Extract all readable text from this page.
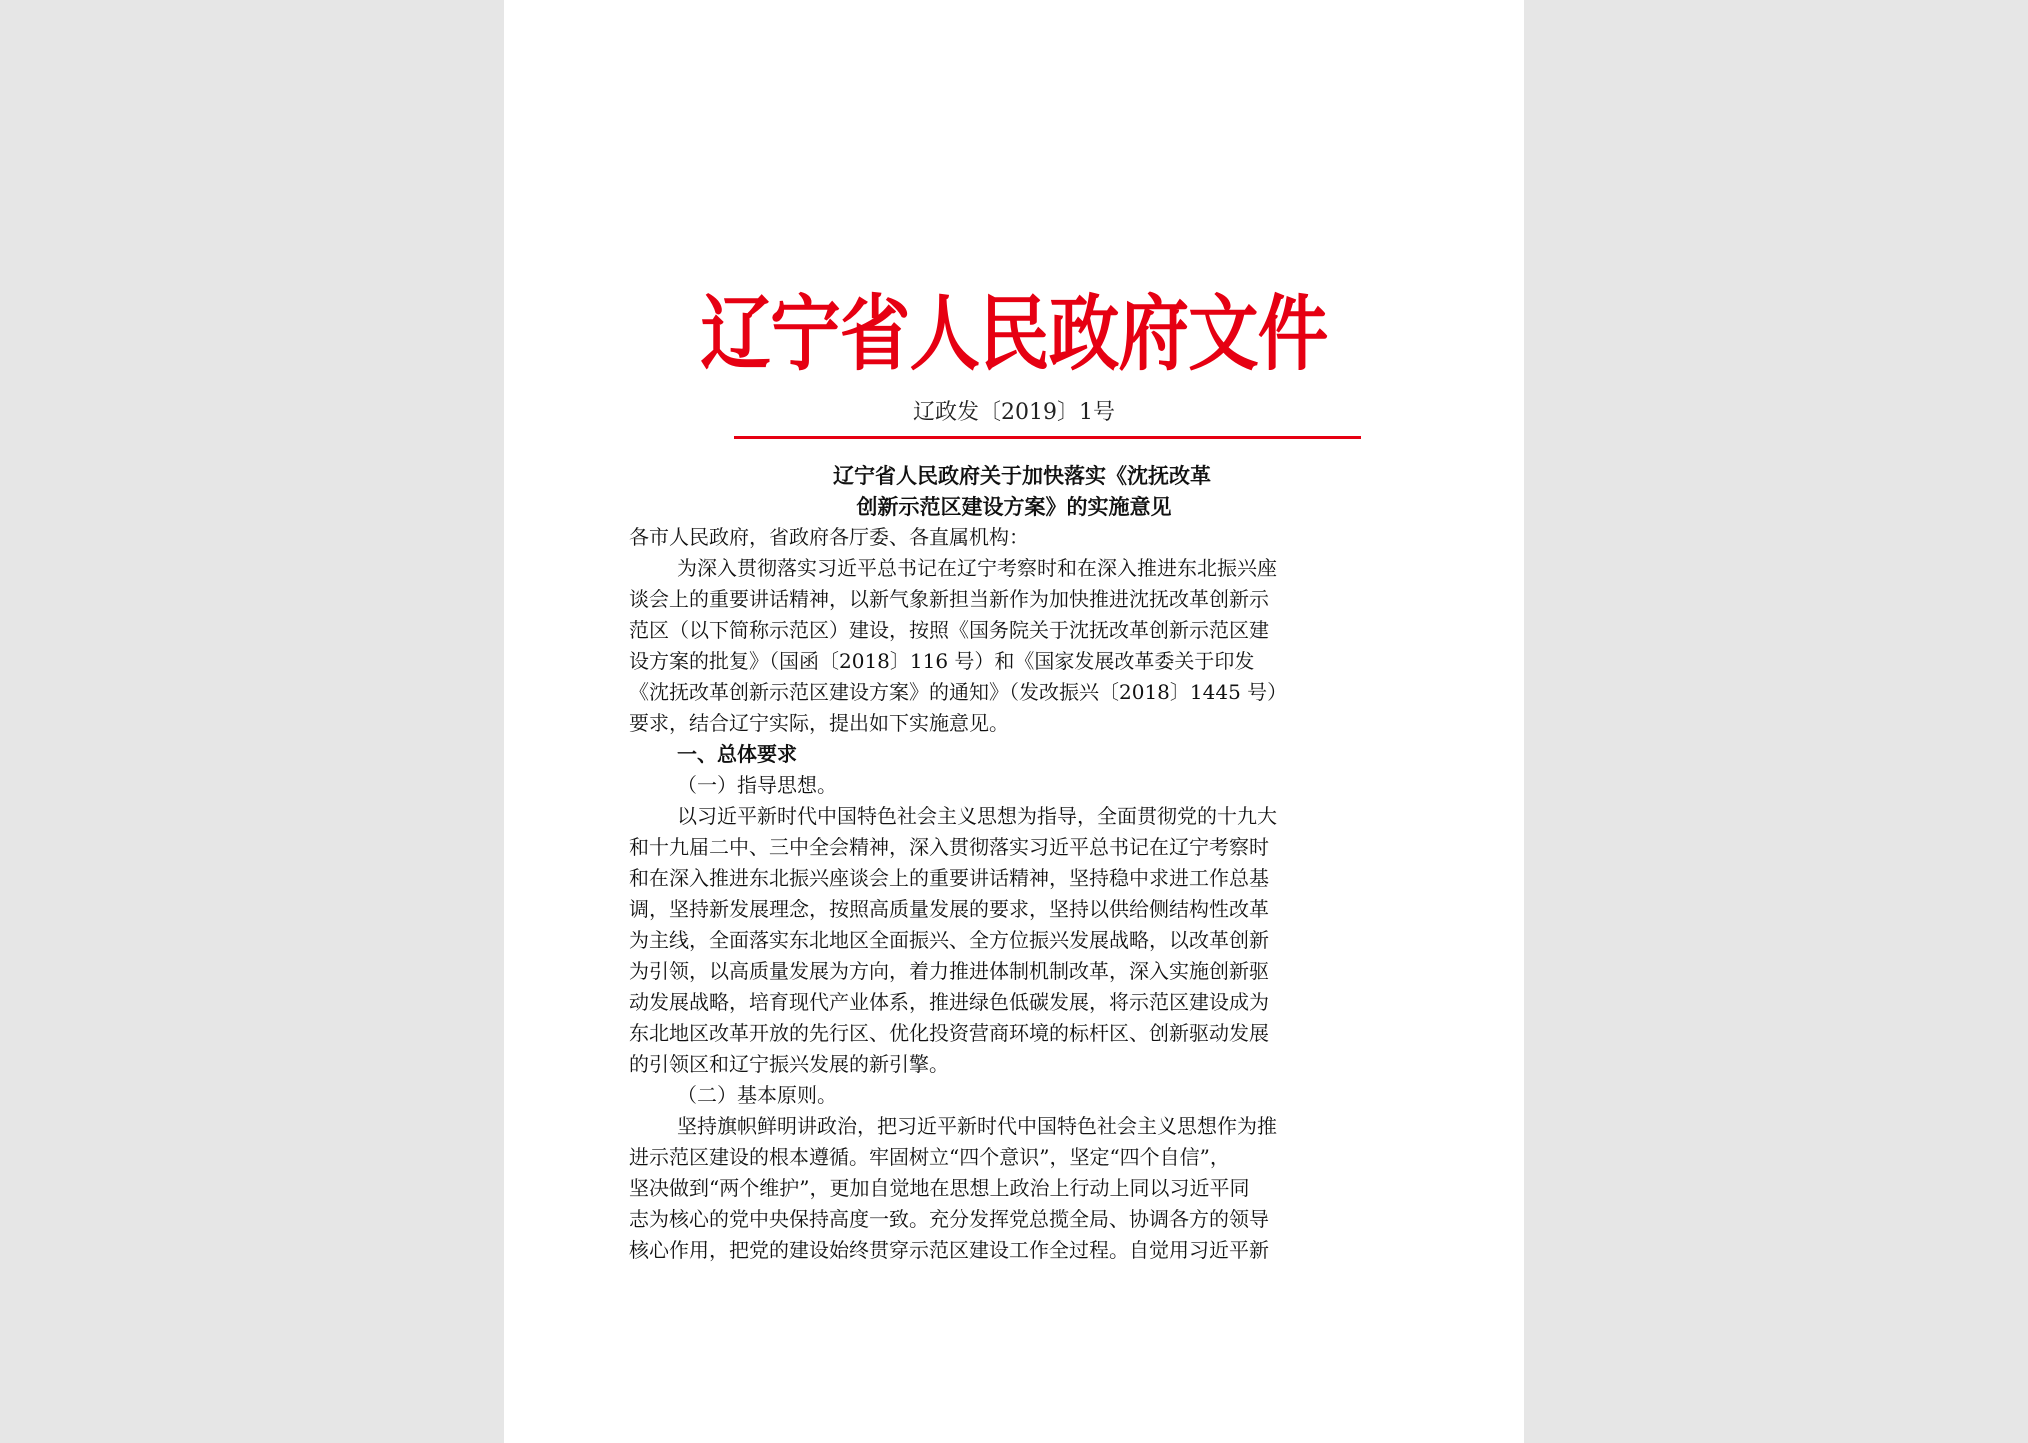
辽宁省人民政府文件
辽政发〔2019〕1号
辽宁省人民政府关于加快落实《沈抚改革
创新示范区建设方案》的实施意见
各市人民政府，省政府各厅委、各直属机构：
为深入贯彻落实习近平总书记在辽宁考察时和在深入推进东北振兴座
谈会上的重要讲话精神，以新气象新担当新作为加快推进沈抚改革创新示
范区（以下简称示范区）建设，按照《国务院关于沈抚改革创新示范区建
设方案的批复》（国函〔2018〕116 号）和《国家发展改革委关于印发
《沈抚改革创新示范区建设方案》的通知》（发改振兴〔2018〕1445 号）
要求，结合辽宁实际，提出如下实施意见。
一、总体要求
（一）指导思想。
以习近平新时代中国特色社会主义思想为指导，全面贯彻党的十九大
和十九届二中、三中全会精神，深入贯彻落实习近平总书记在辽宁考察时
和在深入推进东北振兴座谈会上的重要讲话精神，坚持稳中求进工作总基
调，坚持新发展理念，按照高质量发展的要求，坚持以供给侧结构性改革
为主线，全面落实东北地区全面振兴、全方位振兴发展战略，以改革创新
为引领，以高质量发展为方向，着力推进体制机制改革，深入实施创新驱
动发展战略，培育现代产业体系，推进绿色低碳发展，将示范区建设成为
东北地区改革开放的先行区、优化投资营商环境的标杆区、创新驱动发展
的引领区和辽宁振兴发展的新引擎。
（二）基本原则。
坚持旗帜鲜明讲政治，把习近平新时代中国特色社会主义思想作为推
进示范区建设的根本遵循。牢固树立“四个意识”，坚定“四个自信”，
坚决做到“两个维护”，更加自觉地在思想上政治上行动上同以习近平同
志为核心的党中央保持高度一致。充分发挥党总揽全局、协调各方的领导
核心作用，把党的建设始终贯穿示范区建设工作全过程。自觉用习近平新
